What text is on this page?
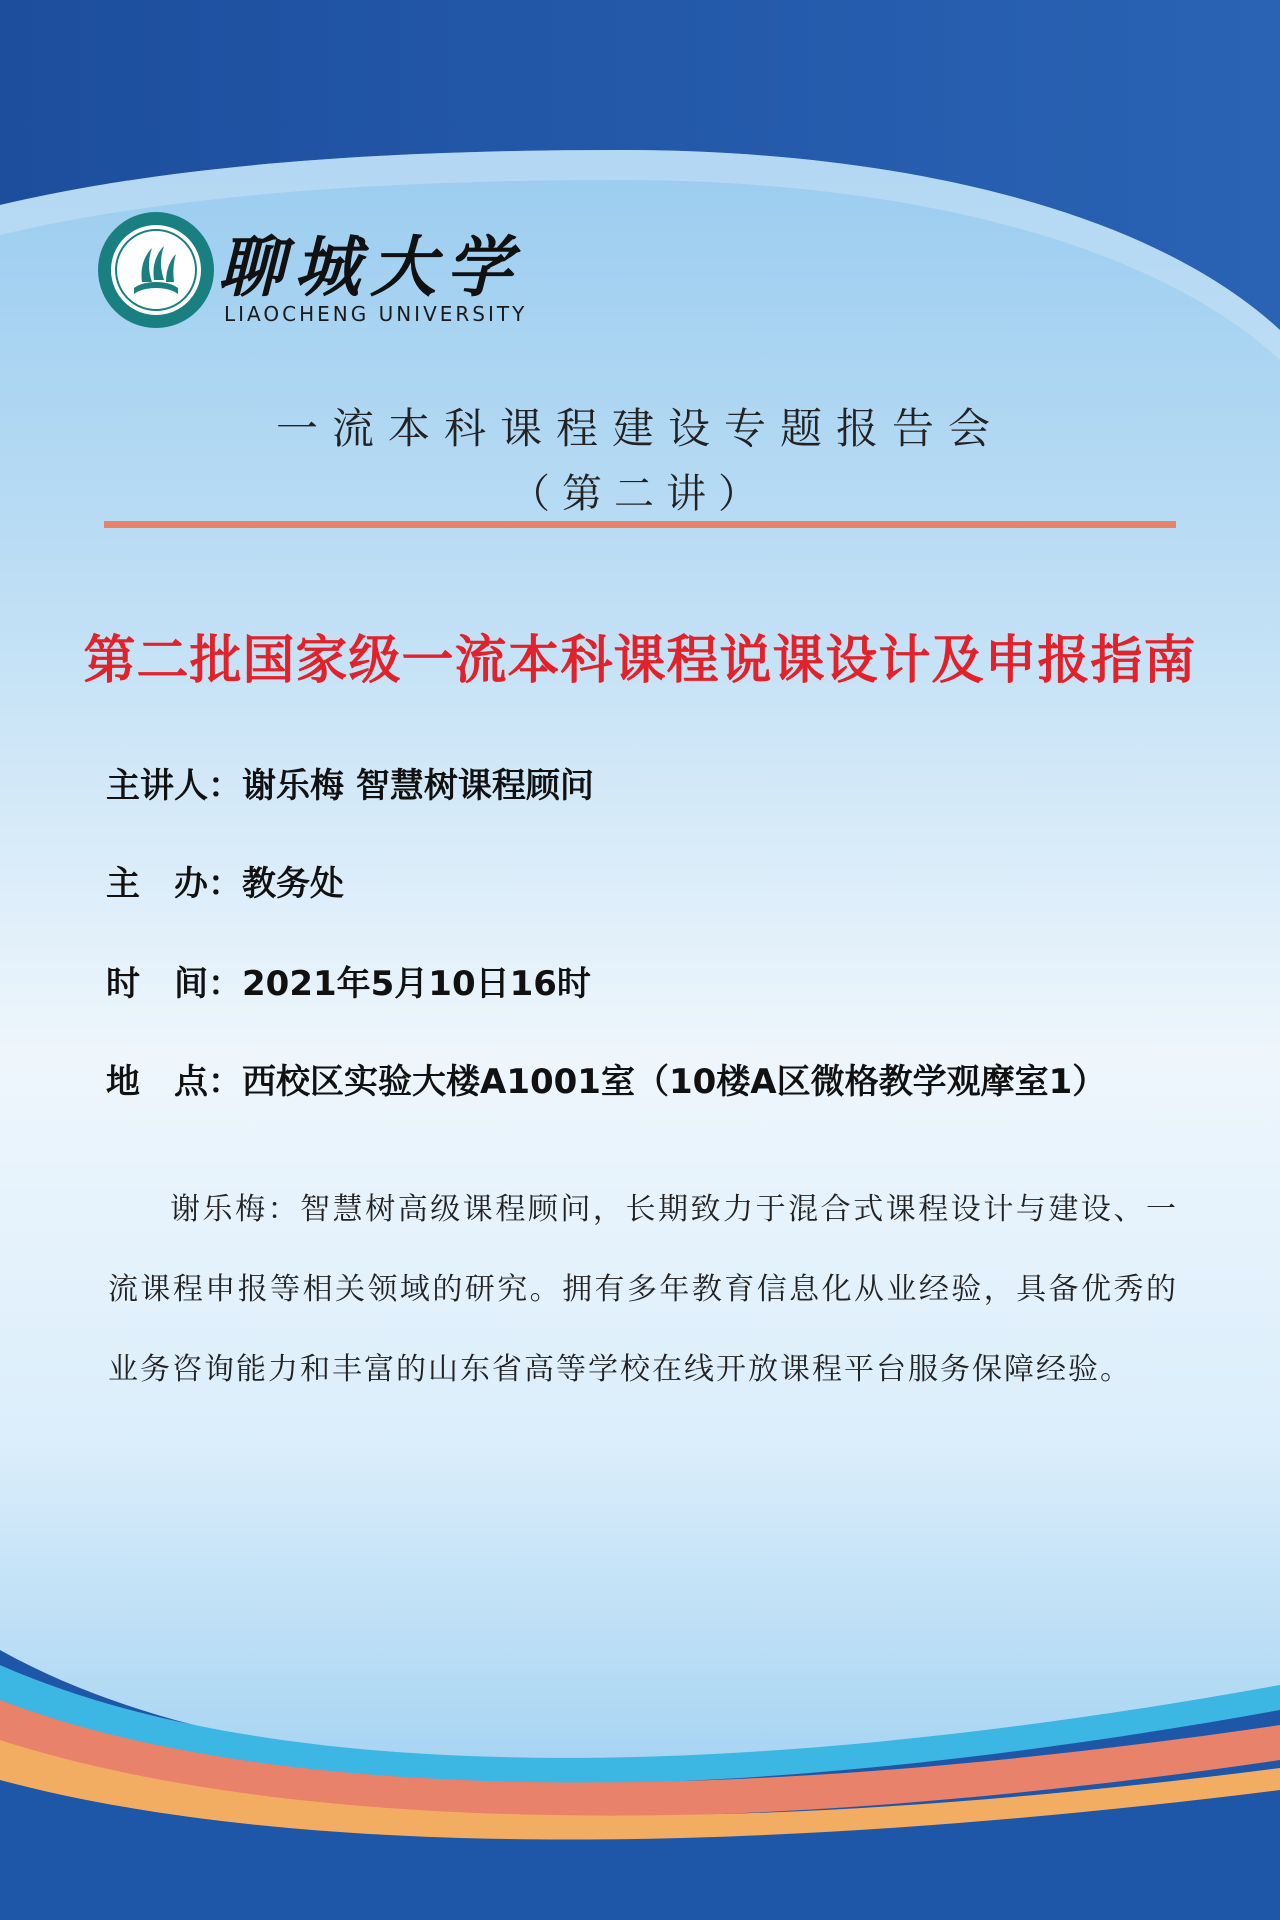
聊城大学
LIAOCHENG UNIVERSITY
一流本科课程建设专题报告会
（第二讲）
第二批国家级一流本科课程说课设计及申报指南
主讲人：谢乐梅 智慧树课程顾问
主　办：教务处
时　间：2021年5月10日16时
地　点：西校区实验大楼A1001室（10楼A区微格教学观摩室1）

谢乐梅：智慧树高级课程顾问，长期致力于混合式课程设计与建设、一流课程申报等相关领域的研究。拥有多年教育信息化从业经验，具备优秀的业务咨询能力和丰富的山东省高等学校在线开放课程平台服务保障经验。
